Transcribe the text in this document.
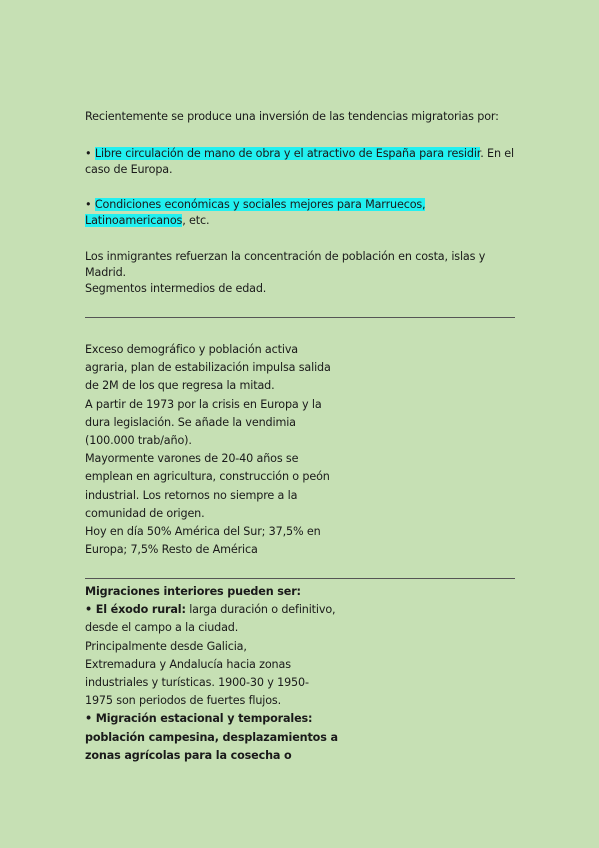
Recientemente se produce una inversión de las tendencias migratorias por:
• Libre circulación de mano de obra y el atractivo de España para residir. En el
caso de Europa.
• Condiciones económicas y sociales mejores para Marruecos,
Latinoamericanos, etc.
Los inmigrantes refuerzan la concentración de población en costa, islas y
Madrid.
Segmentos intermedios de edad.
Exceso demográfico y población activa
agraria, plan de estabilización impulsa salida
de 2M de los que regresa la mitad.
A partir de 1973 por la crisis en Europa y la
dura legislación. Se añade la vendimia
(100.000 trab/año).
Mayormente varones de 20-40 años se
emplean en agricultura, construcción o peón
industrial. Los retornos no siempre a la
comunidad de origen.
Hoy en día 50% América del Sur; 37,5% en
Europa; 7,5% Resto de América
Migraciones interiores pueden ser:
• El éxodo rural: larga duración o definitivo,
desde el campo a la ciudad.
Principalmente desde Galicia,
Extremadura y Andalucía hacia zonas
industriales y turísticas. 1900-30 y 1950-
1975 son periodos de fuertes flujos.
• Migración estacional y temporales:
población campesina, desplazamientos a
zonas agrícolas para la cosecha o
